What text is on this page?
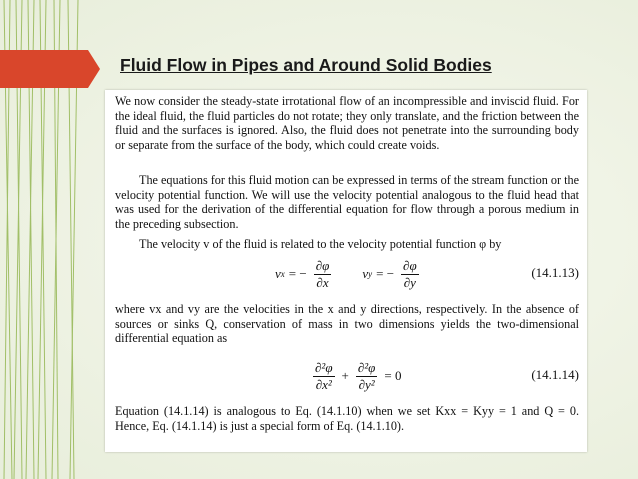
Fluid Flow in Pipes and Around Solid Bodies

We now consider the steady-state irrotational flow of an incompressible and inviscid fluid. For the ideal fluid, the fluid particles do not rotate; they only translate, and the friction between the fluid and the surfaces is ignored. Also, the fluid does not penetrate into the surrounding body or separate from the surface of the body, which could create voids.

The equations for this fluid motion can be expressed in terms of the stream function or the velocity potential function. We will use the velocity potential analogous to the fluid head that was used for the derivation of the differential equation for flow through a porous medium in the preceding subsection.

The velocity v of the fluid is related to the velocity potential function φ by

v x = − $\frac{\partial\varphi}{\partial x}$ v y = − $\frac{\partial\varphi}{\partial y}$	(14.1.13)

where vx and vy are the velocities in the x and y directions, respectively. In the absence of sources or sinks Q, conservation of mass in two dimensions yields the two-dimensional differential equation as

$\frac{\text{∂²φ}}{\text{∂x²}} + \frac{\text{∂²φ}}{\text{∂y²}} = 0$	(14.1.14)

Equation (14.1.14) is analogous to Eq. (14.1.10) when we set Kxx = Kyy = 1 and Q = 0. Hence, Eq. (14.1.14) is just a special form of Eq. (14.1.10).
